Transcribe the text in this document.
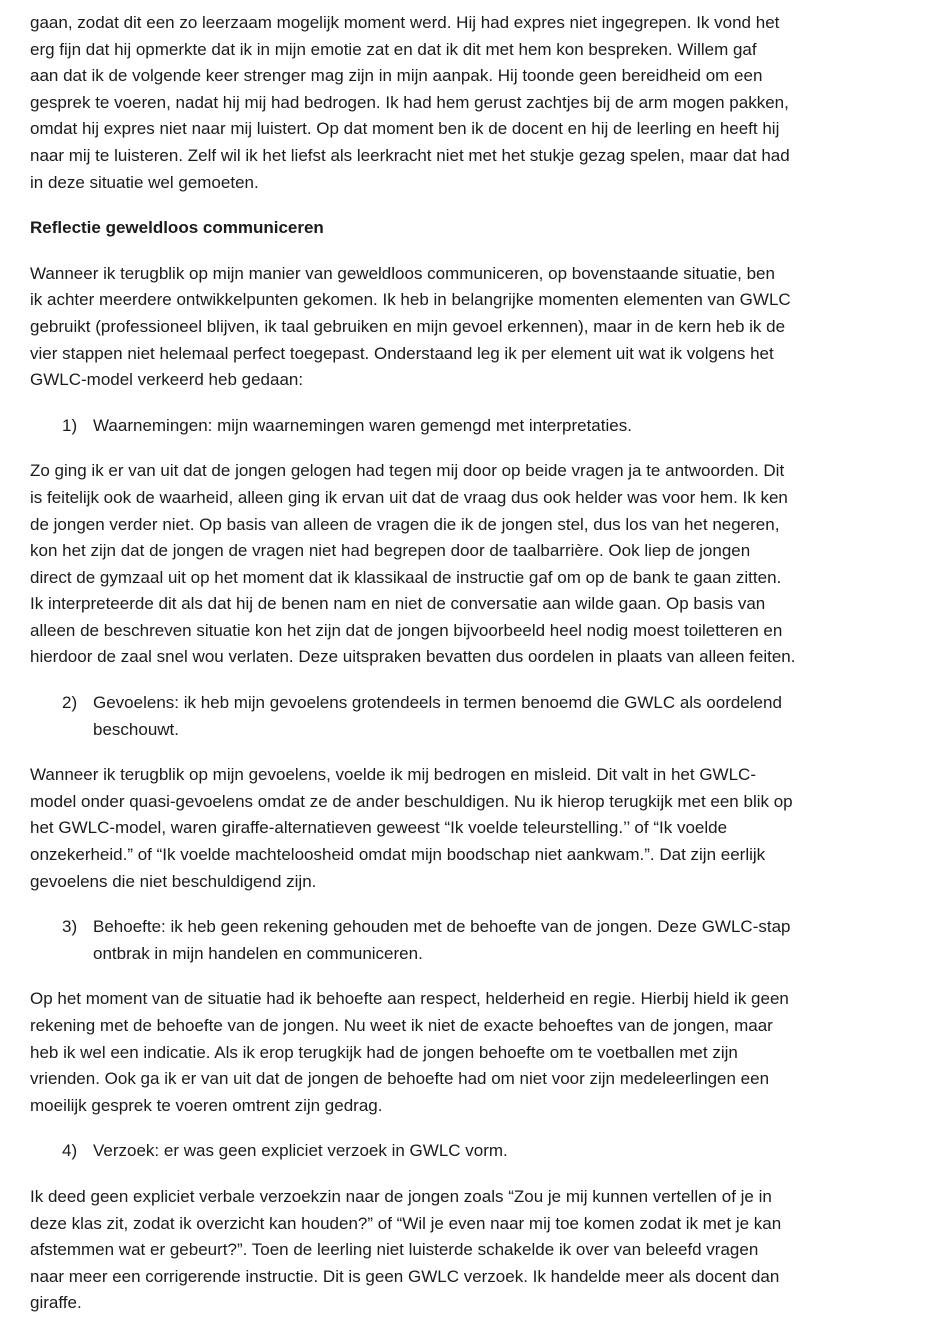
gaan, zodat dit een zo leerzaam mogelijk moment werd. Hij had expres niet ingegrepen. Ik vond het
erg fijn dat hij opmerkte dat ik in mijn emotie zat en dat ik dit met hem kon bespreken. Willem gaf
aan dat ik de volgende keer strenger mag zijn in mijn aanpak. Hij toonde geen bereidheid om een
gesprek te voeren, nadat hij mij had bedrogen. Ik had hem gerust zachtjes bij de arm mogen pakken,
omdat hij expres niet naar mij luistert. Op dat moment ben ik de docent en hij de leerling en heeft hij
naar mij te luisteren. Zelf wil ik het liefst als leerkracht niet met het stukje gezag spelen, maar dat had
in deze situatie wel gemoeten.
Reflectie geweldloos communiceren
Wanneer ik terugblik op mijn manier van geweldloos communiceren, op bovenstaande situatie, ben
ik achter meerdere ontwikkelpunten gekomen. Ik heb in belangrijke momenten elementen van GWLC
gebruikt (professioneel blijven, ik taal gebruiken en mijn gevoel erkennen), maar in de kern heb ik de
vier stappen niet helemaal perfect toegepast. Onderstaand leg ik per element uit wat ik volgens het
GWLC-model verkeerd heb gedaan:
1) Waarnemingen: mijn waarnemingen waren gemengd met interpretaties.
Zo ging ik er van uit dat de jongen gelogen had tegen mij door op beide vragen ja te antwoorden. Dit
is feitelijk ook de waarheid, alleen ging ik ervan uit dat de vraag dus ook helder was voor hem. Ik ken
de jongen verder niet. Op basis van alleen de vragen die ik de jongen stel, dus los van het negeren,
kon het zijn dat de jongen de vragen niet had begrepen door de taalbarrière. Ook liep de jongen
direct de gymzaal uit op het moment dat ik klassikaal de instructie gaf om op de bank te gaan zitten.
Ik interpreteerde dit als dat hij de benen nam en niet de conversatie aan wilde gaan. Op basis van
alleen de beschreven situatie kon het zijn dat de jongen bijvoorbeeld heel nodig moest toiletteren en
hierdoor de zaal snel wou verlaten. Deze uitspraken bevatten dus oordelen in plaats van alleen feiten.
2) Gevoelens: ik heb mijn gevoelens grotendeels in termen benoemd die GWLC als oordelend
beschouwt.
Wanneer ik terugblik op mijn gevoelens, voelde ik mij bedrogen en misleid. Dit valt in het GWLC-
model onder quasi-gevoelens omdat ze de ander beschuldigen. Nu ik hierop terugkijk met een blik op
het GWLC-model, waren giraffe-alternatieven geweest “Ik voelde teleurstelling.’’ of “Ik voelde
onzekerheid.” of “Ik voelde machteloosheid omdat mijn boodschap niet aankwam.”. Dat zijn eerlijk
gevoelens die niet beschuldigend zijn.
3) Behoefte: ik heb geen rekening gehouden met de behoefte van de jongen. Deze GWLC-stap
ontbrak in mijn handelen en communiceren.
Op het moment van de situatie had ik behoefte aan respect, helderheid en regie. Hierbij hield ik geen
rekening met de behoefte van de jongen. Nu weet ik niet de exacte behoeftes van de jongen, maar
heb ik wel een indicatie. Als ik erop terugkijk had de jongen behoefte om te voetballen met zijn
vrienden. Ook ga ik er van uit dat de jongen de behoefte had om niet voor zijn medeleerlingen een
moeilijk gesprek te voeren omtrent zijn gedrag.
4) Verzoek: er was geen expliciet verzoek in GWLC vorm.
Ik deed geen expliciet verbale verzoekzin naar de jongen zoals “Zou je mij kunnen vertellen of je in
deze klas zit, zodat ik overzicht kan houden?” of “Wil je even naar mij toe komen zodat ik met je kan
afstemmen wat er gebeurt?”. Toen de leerling niet luisterde schakelde ik over van beleefd vragen
naar meer een corrigerende instructie. Dit is geen GWLC verzoek. Ik handelde meer als docent dan
giraffe.
